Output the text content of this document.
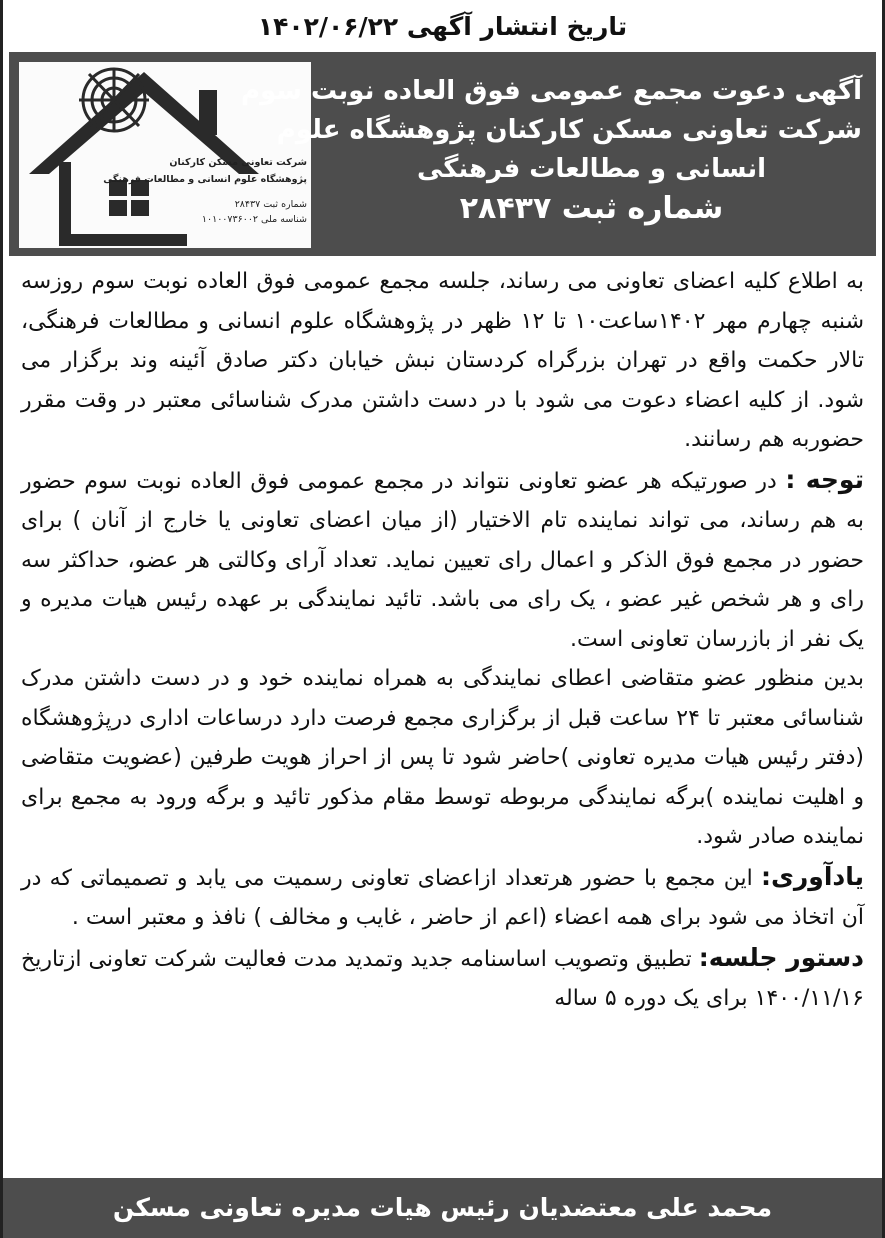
تاریخ انتشار آگهی ۱۴۰۲/۰۶/۲۲
شرکت تعاونی مسکن کارکنان
پژوهشگاه علوم انسانی و مطالعات فرهنگی
شماره ثبت ۲۸۴۳۷
شناسه ملی ۱۰۱۰۰۷۳۶۰۰۲
آگهی دعوت مجمع عمومی فوق العاده نوبت سوم
شرکت تعاونی مسکن کارکنان پژوهشگاه علوم
انسانی و مطالعات فرهنگی
شماره ثبت ۲۸۴۳۷

به اطلاع کلیه اعضای تعاونی می رساند، جلسه مجمع عمومی فوق العاده نوبت سوم روزسه شنبه چهارم مهر ۱۴۰۲ساعت۱۰ تا ۱۲ ظهر در پژوهشگاه علوم انسانی و مطالعات فرهنگی، تالار حکمت واقع در تهران بزرگراه کردستان نبش خیابان دکتر صادق آئینه وند برگزار می شود. از کلیه اعضاء دعوت می شود با در دست داشتن مدرک شناسائی معتبر در وقت مقرر حضوربه هم رسانند.

توجه : در صورتیکه هر عضو تعاونی نتواند در مجمع عمومی فوق العاده نوبت سوم حضور به هم رساند، می تواند نماینده تام الاختیار (از میان اعضای تعاونی یا خارج از آنان ) برای حضور در مجمع فوق الذکر و اعمال رای تعیین نماید. تعداد آرای وکالتی هر عضو، حداکثر سه رای و هر شخص غیر عضو ، یک رای می باشد. تائید نمایندگی بر عهده رئیس هیات مدیره و یک نفر از بازرسان تعاونی است.

بدین منظور عضو متقاضی اعطای نمایندگی به همراه نماینده خود و در دست داشتن مدرک شناسائی معتبر تا ۲۴ ساعت قبل از برگزاری مجمع فرصت دارد درساعات اداری درپژوهشگاه (دفتر رئیس هیات مدیره تعاونی )حاضر شود تا پس از احراز هویت طرفین (عضویت متقاضی و اهلیت نماینده )برگه نمایندگی مربوطه توسط مقام مذکور تائید و برگه ورود به مجمع برای نماینده صادر شود.

یادآوری: این مجمع با حضور هرتعداد ازاعضای تعاونی رسمیت می یابد و تصمیماتی که در آن اتخاذ می شود برای همه اعضاء (اعم از حاضر ، غایب و مخالف ) نافذ و معتبر است .

دستور جلسه: تطبیق وتصویب اساسنامه جدید وتمدید مدت فعالیت شرکت تعاونی ازتاریخ ۱۴۰۰/۱۱/۱۶ برای یک دوره ۵ ساله

محمد علی معتضدیان رئیس هیات مدیره تعاونی مسکن
